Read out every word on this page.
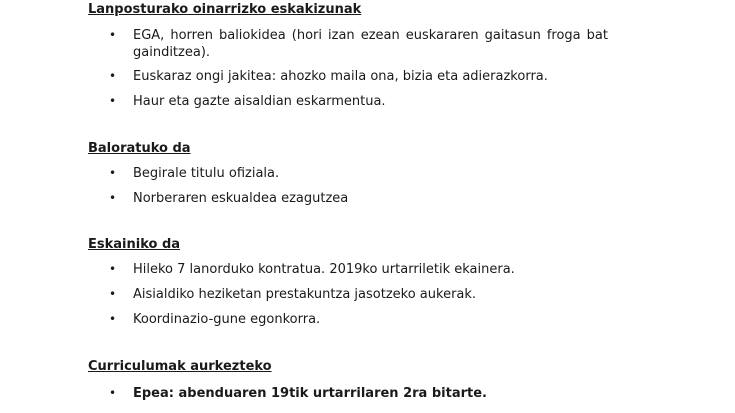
Lanposturako oinarrizko eskakizunak

• EGA, horren baliokidea (hori izan ezean euskararen gaitasun froga bat gainditzea).
• Euskaraz ongi jakitea: ahozko maila ona, bizia eta adierazkorra.
• Haur eta gazte aisaldian eskarmentua.

Baloratuko da

• Begirale titulu ofiziala.
• Norberaren eskualdea ezagutzea

Eskainiko da

• Hileko 7 lanorduko kontratua. 2019ko urtarriletik ekainera.
• Aisialdiko heziketan prestakuntza jasotzeko aukerak.
• Koordinazio-gune egonkorra.

Curriculumak aurkezteko

• Epea: abenduaren 19tik urtarrilaren 2ra bitarte.
